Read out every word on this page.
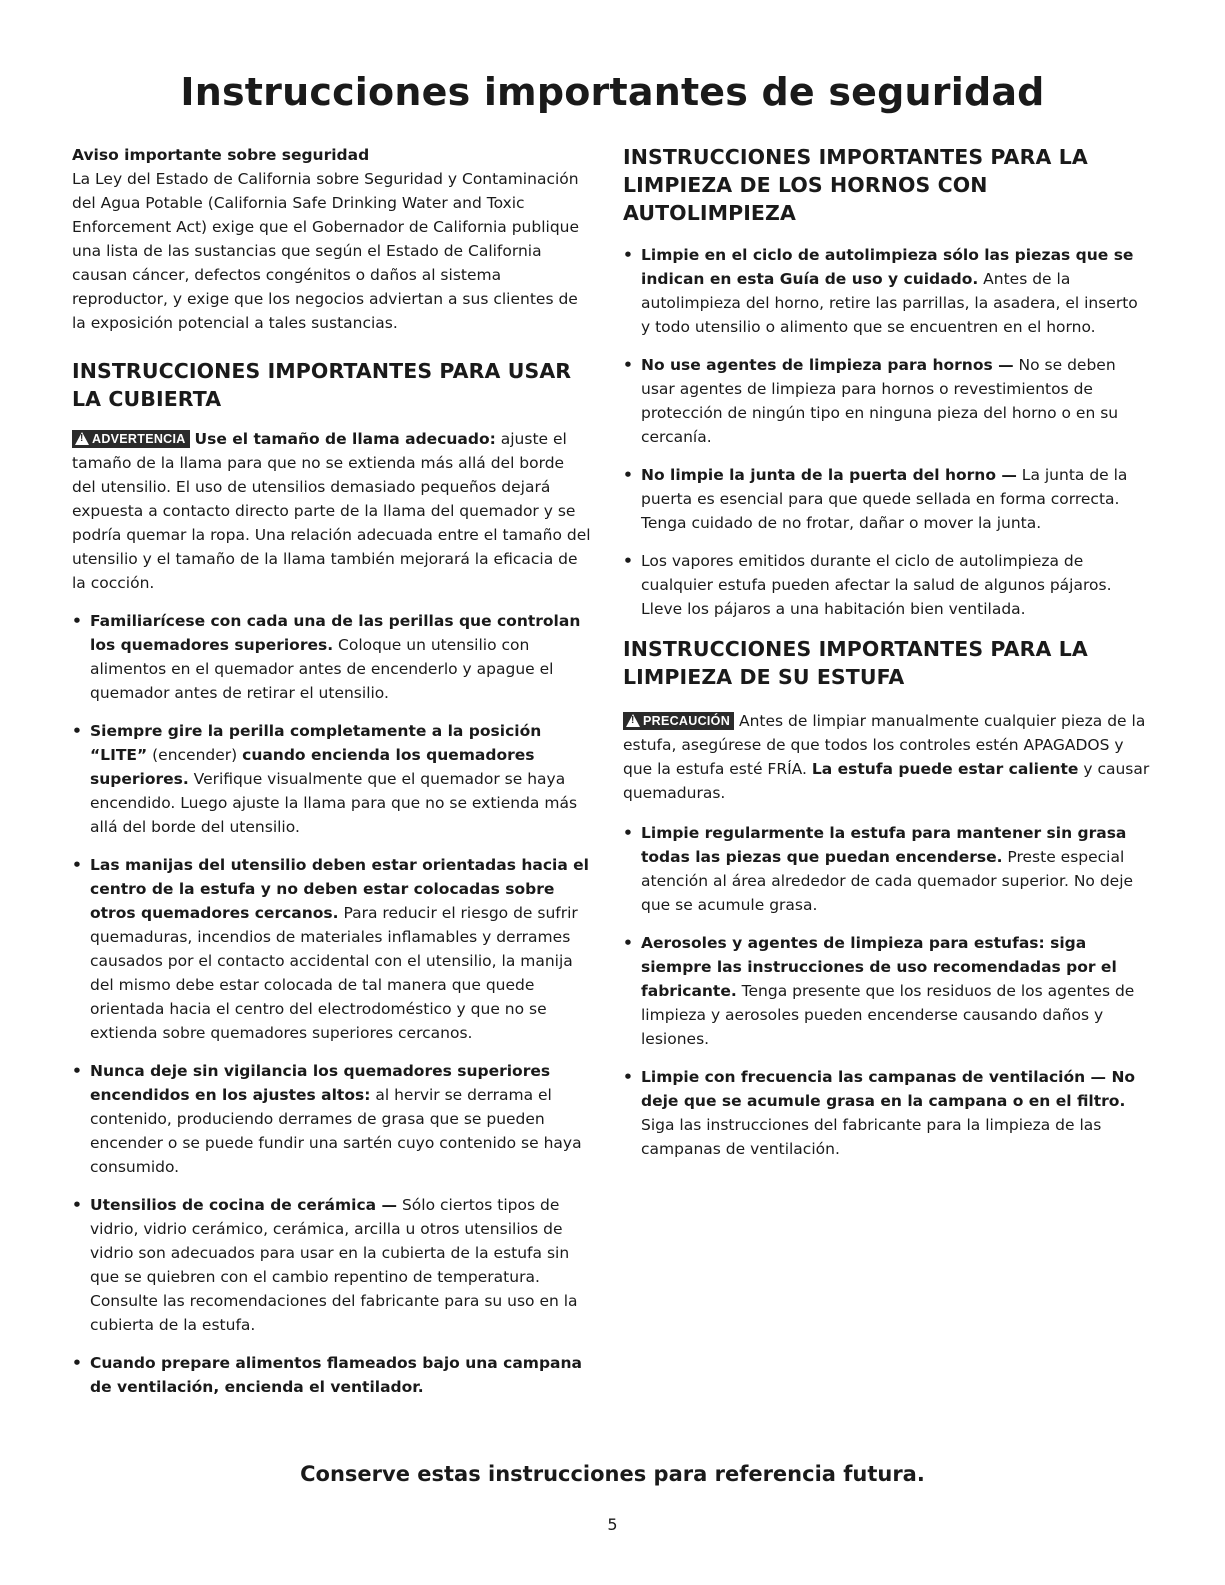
Instrucciones importantes de seguridad

Aviso importante sobre seguridad

La Ley del Estado de California sobre Seguridad y Contaminación del Agua Potable (California Safe Drinking Water and Toxic Enforcement Act) exige que el Gobernador de California publique una lista de las sustancias que según el Estado de California causan cáncer, defectos congénitos o daños al sistema reproductor, y exige que los negocios adviertan a sus clientes de la exposición potencial a tales sustancias.

INSTRUCCIONES IMPORTANTES PARA USAR LA CUBIERTA

!ADVERTENCIA Use el tamaño de llama adecuado: ajuste el tamaño de la llama para que no se extienda más allá del borde del utensilio. El uso de utensilios demasiado pequeños dejará expuesta a contacto directo parte de la llama del quemador y se podría quemar la ropa. Una relación adecuada entre el tamaño del utensilio y el tamaño de la llama también mejorará la eficacia de la cocción.

• Familiarícese con cada una de las perillas que controlan los quemadores superiores. Coloque un utensilio con alimentos en el quemador antes de encenderlo y apague el quemador antes de retirar el utensilio.
• Siempre gire la perilla completamente a la posición “LITE” (encender) cuando encienda los quemadores superiores. Verifique visualmente que el quemador se haya encendido. Luego ajuste la llama para que no se extienda más allá del borde del utensilio.
• Las manijas del utensilio deben estar orientadas hacia el centro de la estufa y no deben estar colocadas sobre otros quemadores cercanos. Para reducir el riesgo de sufrir quemaduras, incendios de materiales inflamables y derrames causados por el contacto accidental con el utensilio, la manija del mismo debe estar colocada de tal manera que quede orientada hacia el centro del electrodoméstico y que no se extienda sobre quemadores superiores cercanos.
• Nunca deje sin vigilancia los quemadores superiores encendidos en los ajustes altos: al hervir se derrama el contenido, produciendo derrames de grasa que se pueden encender o se puede fundir una sartén cuyo contenido se haya consumido.
• Utensilios de cocina de cerámica — Sólo ciertos tipos de vidrio, vidrio cerámico, cerámica, arcilla u otros utensilios de vidrio son adecuados para usar en la cubierta de la estufa sin que se quiebren con el cambio repentino de temperatura. Consulte las recomendaciones del fabricante para su uso en la cubierta de la estufa.
• Cuando prepare alimentos flameados bajo una campana de ventilación, encienda el ventilador.
INSTRUCCIONES IMPORTANTES PARA LA LIMPIEZA DE LOS HORNOS CON AUTOLIMPIEZA
• Limpie en el ciclo de autolimpieza sólo las piezas que se indican en esta Guía de uso y cuidado. Antes de la autolimpieza del horno, retire las parrillas, la asadera, el inserto y todo utensilio o alimento que se encuentren en el horno.
• No use agentes de limpieza para hornos — No se deben usar agentes de limpieza para hornos o revestimientos de protección de ningún tipo en ninguna pieza del horno o en su cercanía.
• No limpie la junta de la puerta del horno — La junta de la puerta es esencial para que quede sellada en forma correcta. Tenga cuidado de no frotar, dañar o mover la junta.
• Los vapores emitidos durante el ciclo de autolimpieza de cualquier estufa pueden afectar la salud de algunos pájaros. Lleve los pájaros a una habitación bien ventilada.
INSTRUCCIONES IMPORTANTES PARA LA LIMPIEZA DE SU ESTUFA

!PRECAUCIÓN Antes de limpiar manualmente cualquier pieza de la estufa, asegúrese de que todos los controles estén APAGADOS y que la estufa esté FRÍA. La estufa puede estar caliente y causar quemaduras.

• Limpie regularmente la estufa para mantener sin grasa todas las piezas que puedan encenderse. Preste especial atención al área alrededor de cada quemador superior. No deje que se acumule grasa.
• Aerosoles y agentes de limpieza para estufas: siga siempre las instrucciones de uso recomendadas por el fabricante. Tenga presente que los residuos de los agentes de limpieza y aerosoles pueden encenderse causando daños y lesiones.
• Limpie con frecuencia las campanas de ventilación — No deje que se acumule grasa en la campana o en el filtro. Siga las instrucciones del fabricante para la limpieza de las campanas de ventilación.

Conserve estas instrucciones para referencia futura.

5
